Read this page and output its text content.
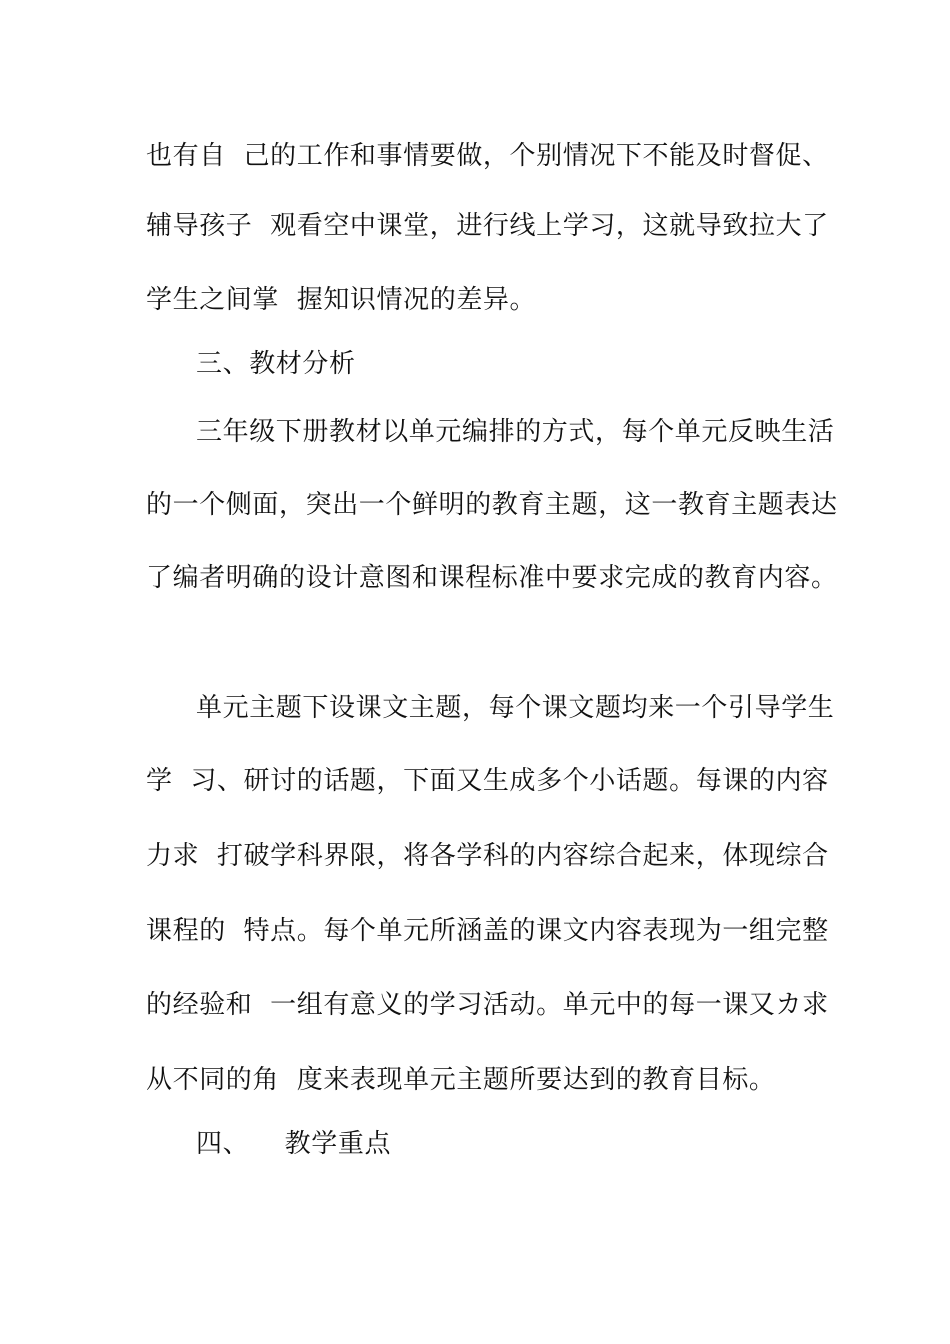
也有自  己的工作和事情要做，个别情况下不能及时督促、
辅导孩子  观看空中课堂，进行线上学习，这就导致拉大了
学生之间掌  握知识情况的差异。
三、教材分析
三年级下册教材以单元编排的方式，每个单元反映生活
的一个侧面，突出一个鲜明的教育主题，这一教育主题表达
了编者明确的设计意图和课程标准中要求完成的教育内容。
单元主题下设课文主题，每个课文题均来一个引导学生
学  习、研讨的话题，下面又生成多个小话题。每课的内容
力求  打破学科界限，将各学科的内容综合起来，体现综合
课程的  特点。每个单元所涵盖的课文内容表现为一组完整
的经验和  一组有意义的学习活动。单元中的每一课又カ求
从不同的角  度来表现单元主题所要达到的教育目标。
四、    教学重点
